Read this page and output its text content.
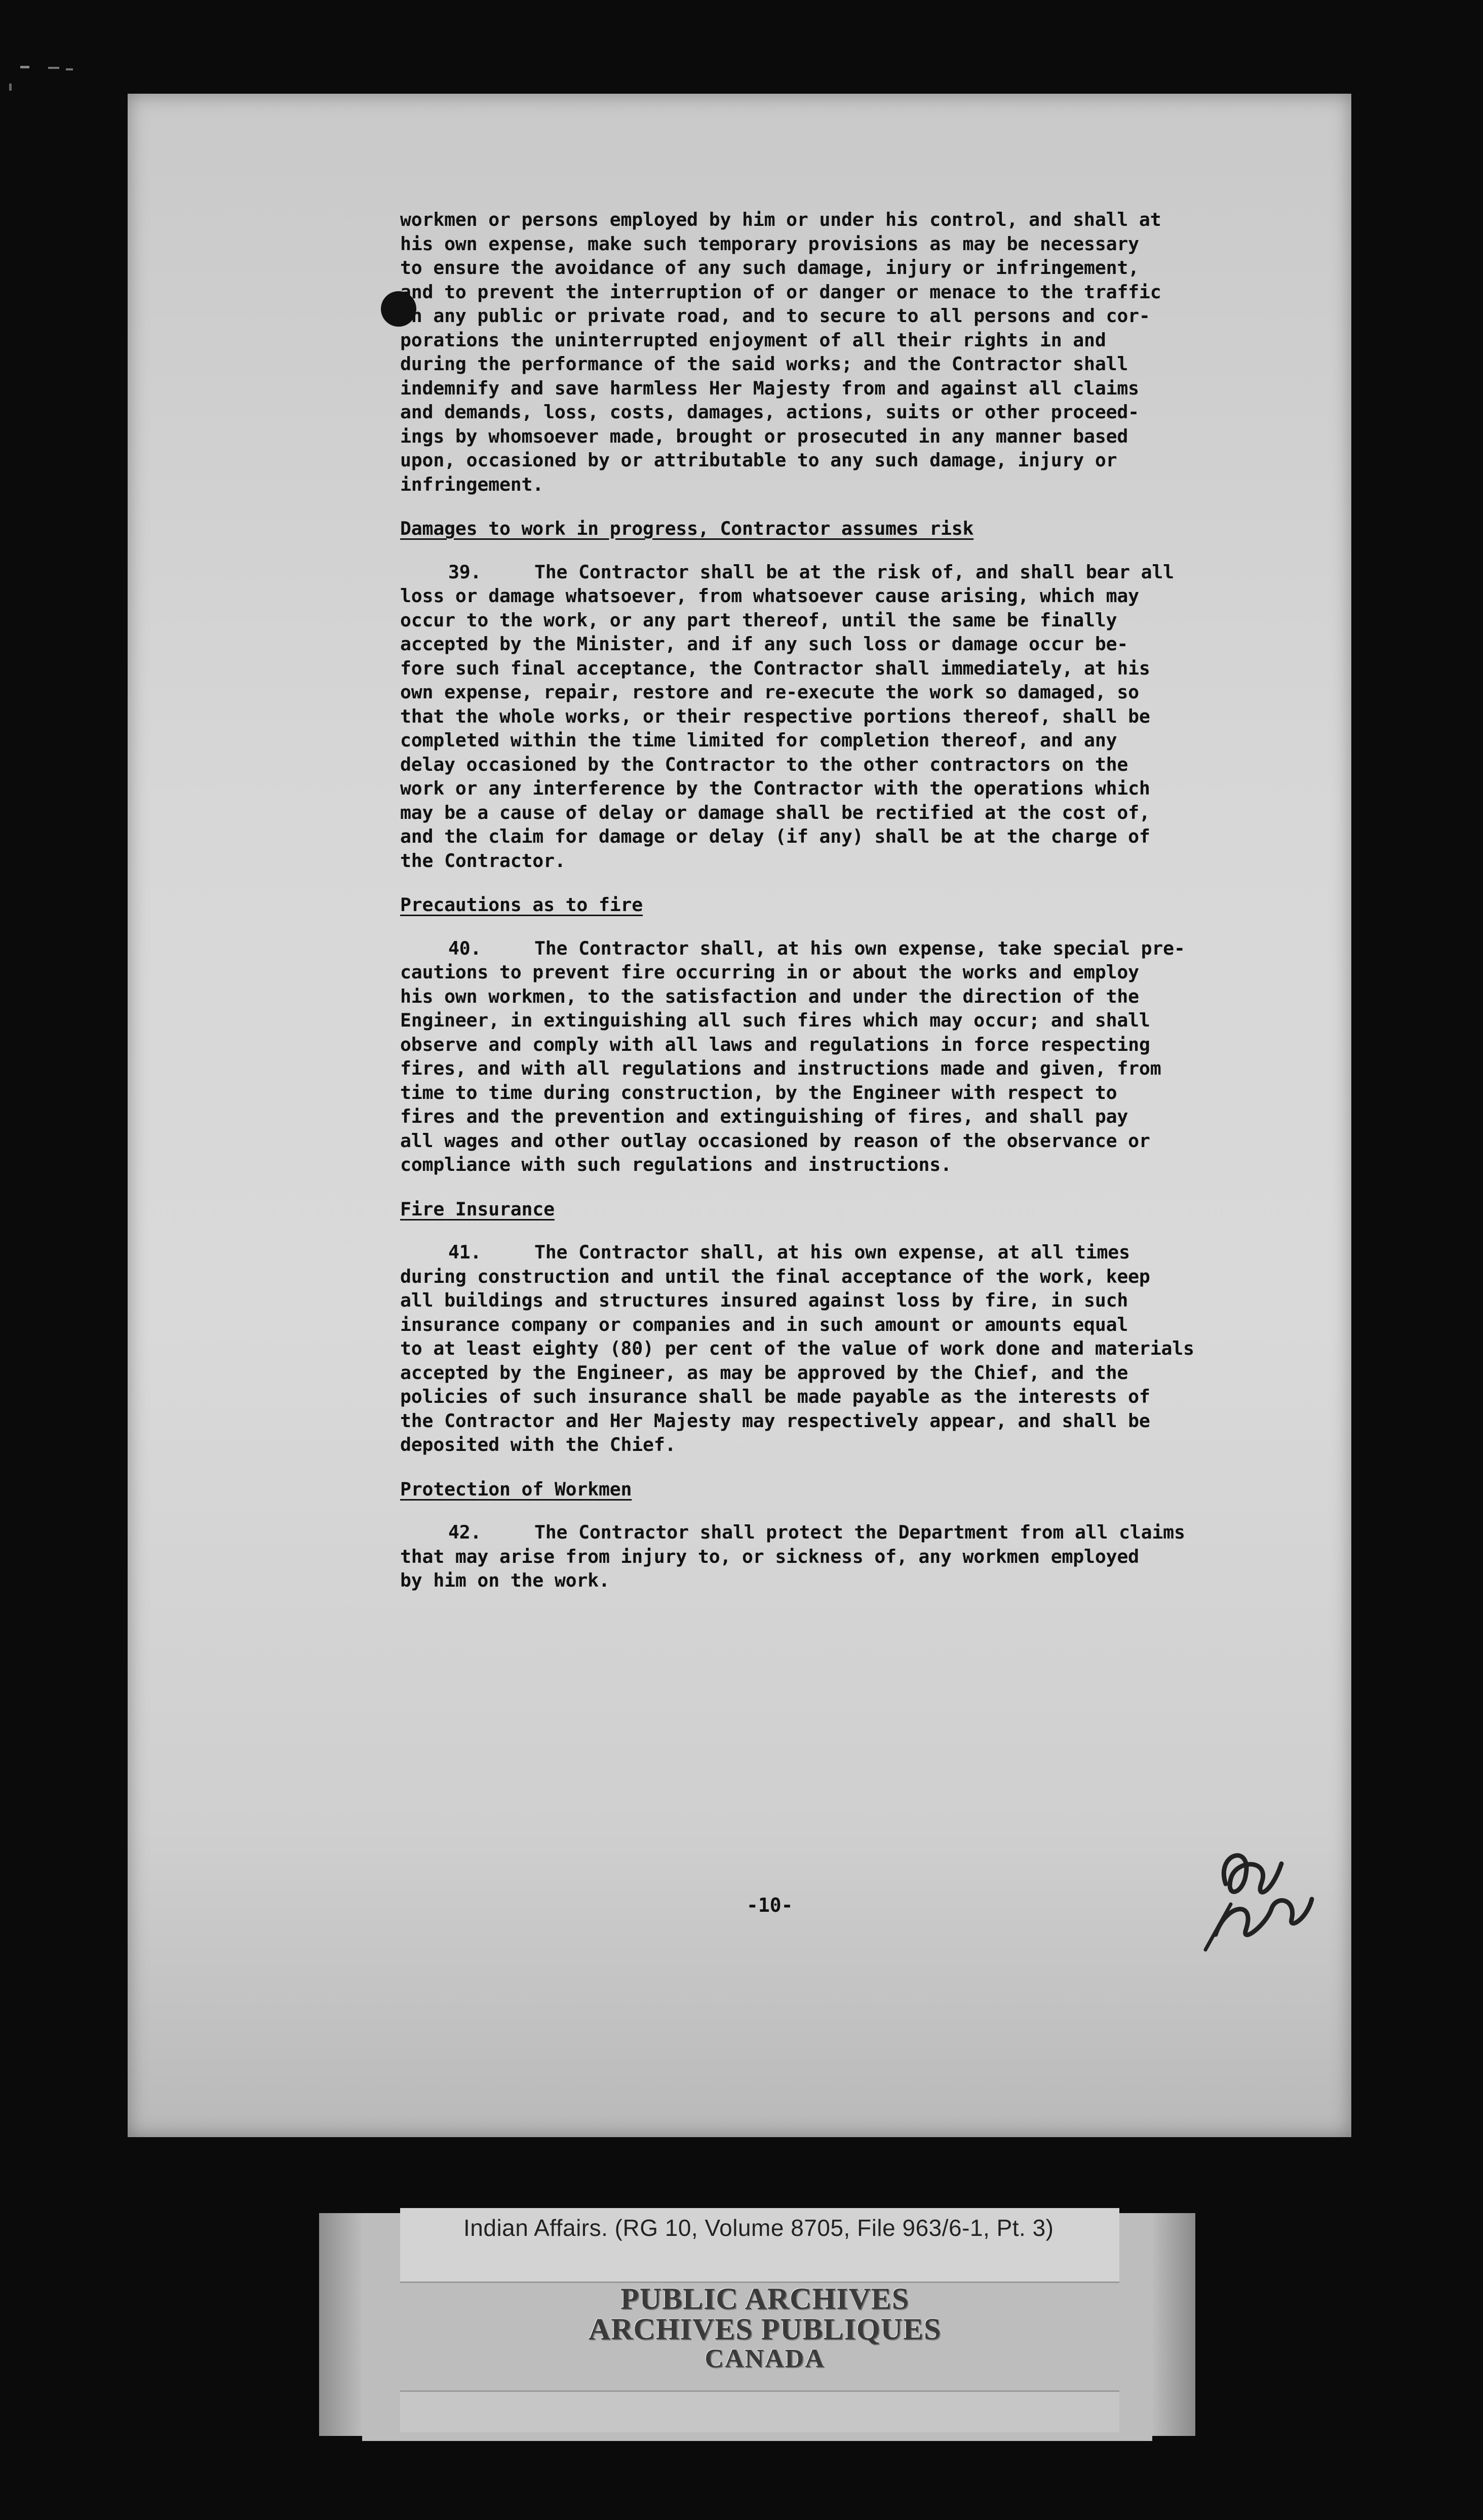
workmen or persons employed by him or under his control, and shall at
his own expense, make such temporary provisions as may be necessary
to ensure the avoidance of any such damage, injury or infringement,
and to prevent the interruption of or danger or menace to the traffic
on any public or private road, and to secure to all persons and cor-
porations the uninterrupted enjoyment of all their rights in and
during the performance of the said works; and the Contractor shall
indemnify and save harmless Her Majesty from and against all claims
and demands, loss, costs, damages, actions, suits or other proceed-
ings by whomsoever made, brought or prosecuted in any manner based
upon, occasioned by or attributable to any such damage, injury or
infringement.
Damages to work in progress, Contractor assumes risk

39.	The Contractor shall be at the risk of, and shall bear all
loss or damage whatsoever, from whatsoever cause arising, which may
occur to the work, or any part thereof, until the same be finally
accepted by the Minister, and if any such loss or damage occur be-
fore such final acceptance, the Contractor shall immediately, at his
own expense, repair, restore and re-execute the work so damaged, so
that the whole works, or their respective portions thereof, shall be
completed within the time limited for completion thereof, and any
delay occasioned by the Contractor to the other contractors on the
work or any interference by the Contractor with the operations which
may be a cause of delay or damage shall be rectified at the cost of,
and the claim for damage or delay (if any) shall be at the charge of
the Contractor.
Precautions as to fire

40.	The Contractor shall, at his own expense, take special pre-
cautions to prevent fire occurring in or about the works and employ
his own workmen, to the satisfaction and under the direction of the
Engineer, in extinguishing all such fires which may occur; and shall
observe and comply with all laws and regulations in force respecting
fires, and with all regulations and instructions made and given, from
time to time during construction, by the Engineer with respect to
fires and the prevention and extinguishing of fires, and shall pay
all wages and other outlay occasioned by reason of the observance or
compliance with such regulations and instructions.
Fire Insurance

41.	The Contractor shall, at his own expense, at all times
during construction and until the final acceptance of the work, keep
all buildings and structures insured against loss by fire, in such
insurance company or companies and in such amount or amounts equal
to at least eighty (80) per cent of the value of work done and materials
accepted by the Engineer, as may be approved by the Chief, and the
policies of such insurance shall be made payable as the interests of
the Contractor and Her Majesty may respectively appear, and shall be
deposited with the Chief.
Protection of Workmen

42.	The Contractor shall protect the Department from all claims
that may arise from injury to, or sickness of, any workmen employed
by him on the work.
-10-
Indian Affairs. (RG 10, Volume 8705, File 963/6-1, Pt. 3)
PUBLIC ARCHIVES
ARCHIVES PUBLIQUES
CANADA
